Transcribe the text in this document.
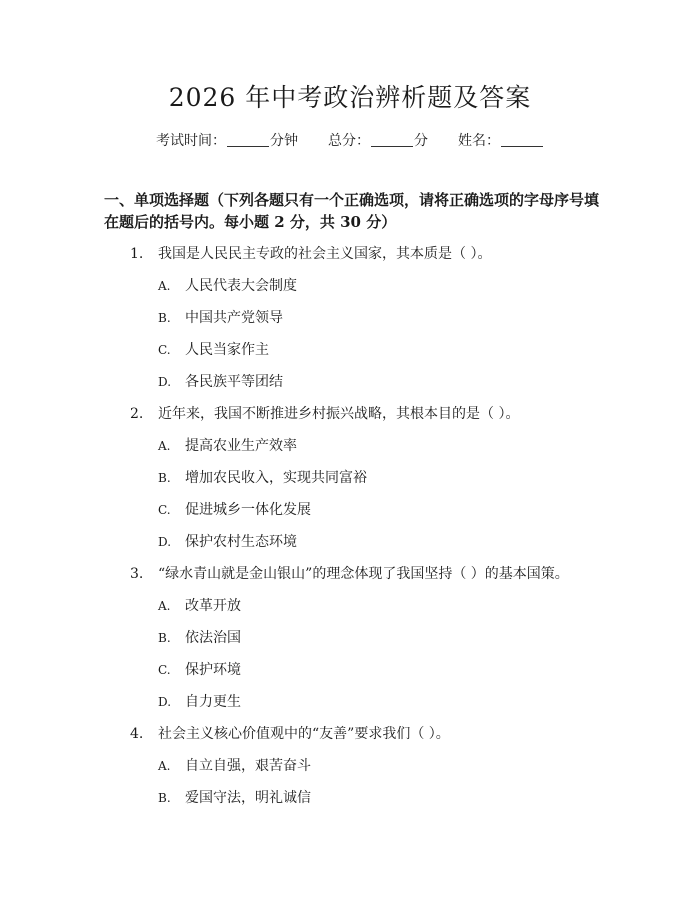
2026 年中考政治辨析题及答案
考试时间：	分钟 总分：	分 姓名：

一、单项选择题（下列各题只有一个正确选项，请将正确选项的字母序号填在题后的括号内。每小题 2 分，共 30 分）

1. 我国是人民民主专政的社会主义国家，其本质是（ ）。
A. 人民代表大会制度
B. 中国共产党领导
C. 人民当家作主
D. 各民族平等团结
2. 近年来，我国不断推进乡村振兴战略，其根本目的是（ ）。
A. 提高农业生产效率
B. 增加农民收入，实现共同富裕
C. 促进城乡一体化发展
D. 保护农村生态环境
3. “绿水青山就是金山银山”的理念体现了我国坚持（ ）的基本国策。
A. 改革开放
B. 依法治国
C. 保护环境
D. 自力更生
4. 社会主义核心价值观中的“友善”要求我们（ ）。
A. 自立自强，艰苦奋斗
B. 爱国守法，明礼诚信
